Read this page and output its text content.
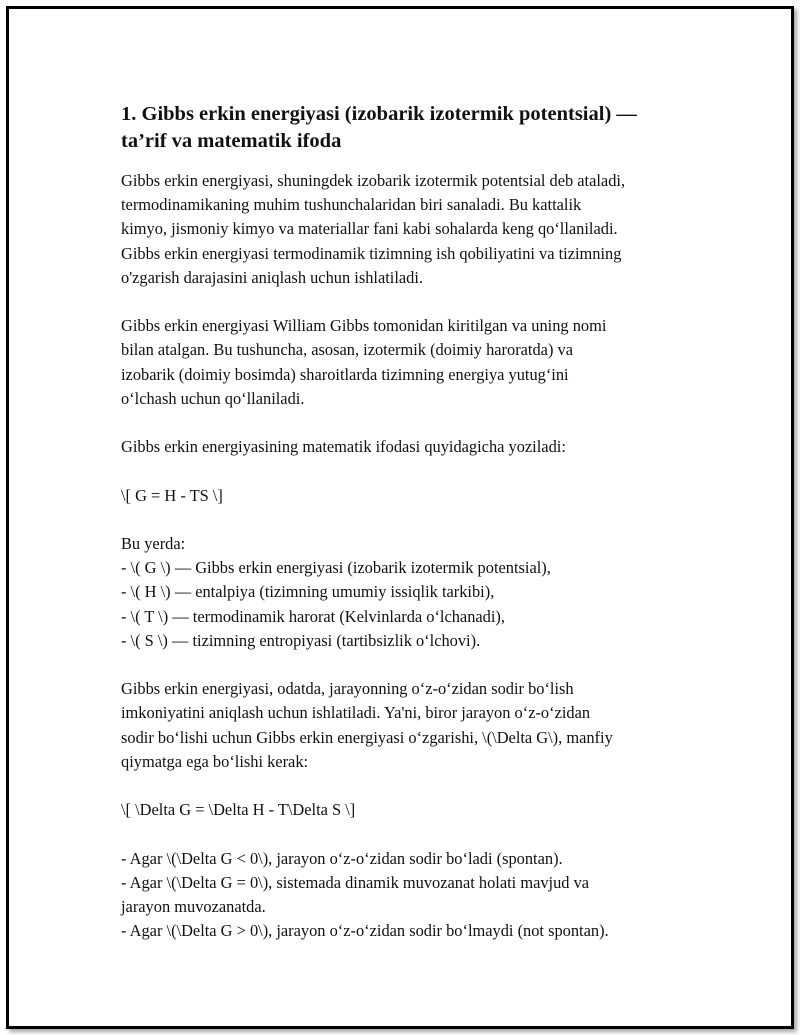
1. Gibbs erkin energiyasi (izobarik izotermik potentsial) —
ta’rif va matematik ifoda
Gibbs erkin energiyasi, shuningdek izobarik izotermik potentsial deb ataladi,
termodinamikaning muhim tushunchalaridan biri sanaladi. Bu kattalik
kimyo, jismoniy kimyo va materiallar fani kabi sohalarda keng qo‘llaniladi.
Gibbs erkin energiyasi termodinamik tizimning ish qobiliyatini va tizimning
o'zgarish darajasini aniqlash uchun ishlatiladi.
Gibbs erkin energiyasi William Gibbs tomonidan kiritilgan va uning nomi
bilan atalgan. Bu tushuncha, asosan, izotermik (doimiy haroratda) va
izobarik (doimiy bosimda) sharoitlarda tizimning energiya yutug‘ini
o‘lchash uchun qo‘llaniladi.
Gibbs erkin energiyasining matematik ifodasi quyidagicha yoziladi:
\[ G = H - TS \]
Bu yerda:
- \( G \) — Gibbs erkin energiyasi (izobarik izotermik potentsial),
- \( H \) — entalpiya (tizimning umumiy issiqlik tarkibi),
- \( T \) — termodinamik harorat (Kelvinlarda o‘lchanadi),
- \( S \) — tizimning entropiyasi (tartibsizlik o‘lchovi).
Gibbs erkin energiyasi, odatda, jarayonning o‘z-o‘zidan sodir bo‘lish
imkoniyatini aniqlash uchun ishlatiladi. Ya'ni, biror jarayon o‘z-o‘zidan
sodir bo‘lishi uchun Gibbs erkin energiyasi o‘zgarishi, \(\Delta G\), manfiy
qiymatga ega bo‘lishi kerak:
\[ \Delta G = \Delta H - T\Delta S \]
- Agar \(\Delta G < 0\), jarayon o‘z-o‘zidan sodir bo‘ladi (spontan).
- Agar \(\Delta G = 0\), sistemada dinamik muvozanat holati mavjud va
jarayon muvozanatda.
- Agar \(\Delta G > 0\), jarayon o‘z-o‘zidan sodir bo‘lmaydi (not spontan).
